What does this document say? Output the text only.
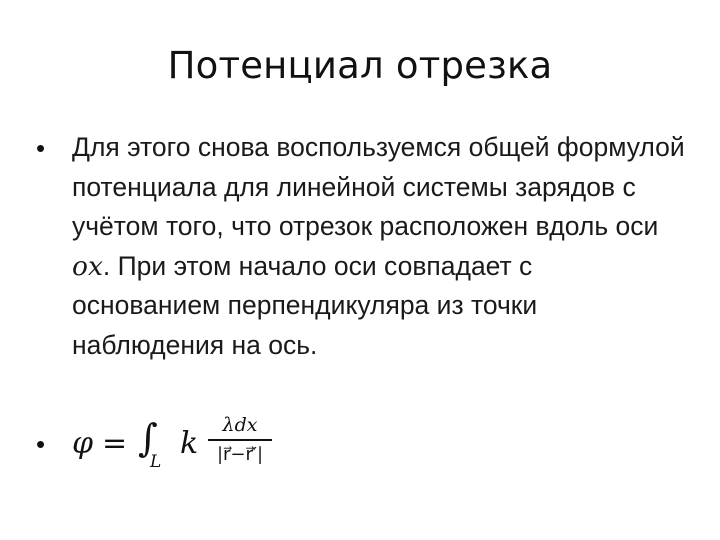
Потенциал отрезка
• Для этого снова воспользуемся общей формулой потенциала для линейной системы зарядов с учётом того, что отрезок расположен вдоль оси ox. При этом начало оси совпадает с основанием перпендикуляра из точки наблюдения на ось.

• φ = ∫
L
k
λdx
|r⃗−r⃗′|
